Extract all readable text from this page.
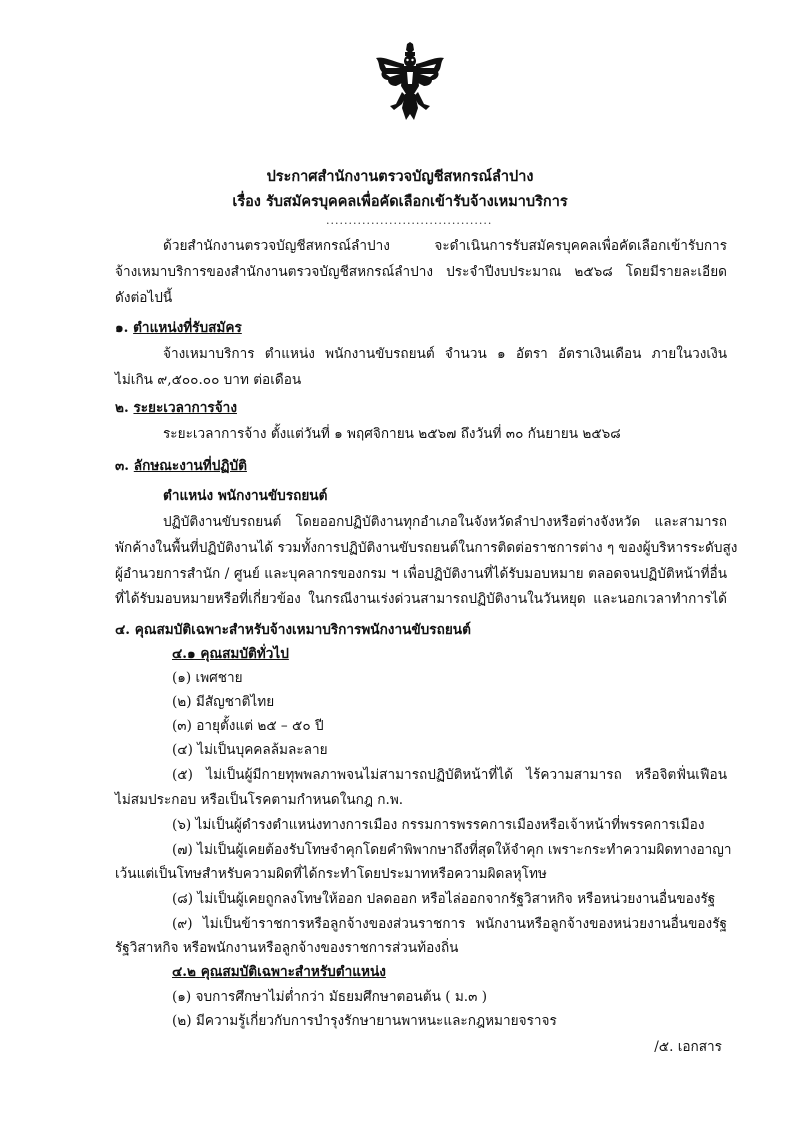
ประกาศสำนักงานตรวจบัญชีสหกรณ์ลำปาง
เรื่อง รับสมัครบุคคลเพื่อคัดเลือกเข้ารับจ้างเหมาบริการ
.....................................
ด้วยสำนักงานตรวจบัญชีสหกรณ์ลำปาง จะดำเนินการรับสมัครบุคคลเพื่อคัดเลือกเข้ารับการ
จ้างเหมาบริการของสำนักงานตรวจบัญชีสหกรณ์ลำปาง ประจำปีงบประมาณ ๒๕๖๘ โดยมีรายละเอียด
ดังต่อไปนี้
๑. ตำแหน่งที่รับสมัคร
จ้างเหมาบริการ ตำแหน่ง พนักงานขับรถยนต์ จำนวน ๑ อัตรา อัตราเงินเดือน ภายในวงเงิน
ไม่เกิน ๙,๕๐๐.๐๐ บาท ต่อเดือน
๒. ระยะเวลาการจ้าง
ระยะเวลาการจ้าง ตั้งแต่วันที่ ๑ พฤศจิกายน ๒๕๖๗ ถึงวันที่ ๓๐ กันยายน ๒๕๖๘
๓. ลักษณะงานที่ปฏิบัติ
ตำแหน่ง พนักงานขับรถยนต์
ปฏิบัติงานขับรถยนต์ โดยออกปฏิบัติงานทุกอำเภอในจังหวัดลำปางหรือต่างจังหวัด และสามารถ
พักค้างในพื้นที่ปฏิบัติงานได้ รวมทั้งการปฏิบัติงานขับรถยนต์ในการติดต่อราชการต่าง ๆ ของผู้บริหารระดับสูง
ผู้อำนวยการสำนัก / ศูนย์ และบุคลากรของกรม ฯ เพื่อปฏิบัติงานที่ได้รับมอบหมาย ตลอดจนปฏิบัติหน้าที่อื่น
ที่ได้รับมอบหมายหรือที่เกี่ยวข้อง ในกรณีงานเร่งด่วนสามารถปฏิบัติงานในวันหยุด และนอกเวลาทำการได้
๔. คุณสมบัติเฉพาะสำหรับจ้างเหมาบริการพนักงานขับรถยนต์
๔.๑ คุณสมบัติทั่วไป
(๑) เพศชาย
(๒) มีสัญชาติไทย
(๓) อายุตั้งแต่ ๒๕ – ๕๐ ปี
(๔) ไม่เป็นบุคคลล้มละลาย
(๕) ไม่เป็นผู้มีกายทุพพลภาพจนไม่สามารถปฏิบัติหน้าที่ได้ ไร้ความสามารถ หรือจิตฟั่นเฟือน
ไม่สมประกอบ หรือเป็นโรคตามกำหนดในกฎ ก.พ.
(๖) ไม่เป็นผู้ดำรงตำแหน่งทางการเมือง กรรมการพรรคการเมืองหรือเจ้าหน้าที่พรรคการเมือง
(๗) ไม่เป็นผู้เคยต้องรับโทษจำคุกโดยคำพิพากษาถึงที่สุดให้จำคุก เพราะกระทำความผิดทางอาญา
เว้นแต่เป็นโทษสำหรับความผิดที่ได้กระทำโดยประมาทหรือความผิดลหุโทษ
(๘) ไม่เป็นผู้เคยถูกลงโทษให้ออก ปลดออก หรือไล่ออกจากรัฐวิสาหกิจ หรือหน่วยงานอื่นของรัฐ
(๙) ไม่เป็นข้าราชการหรือลูกจ้างของส่วนราชการ พนักงานหรือลูกจ้างของหน่วยงานอื่นของรัฐ
รัฐวิสาหกิจ หรือพนักงานหรือลูกจ้างของราชการส่วนท้องถิ่น
๔.๒ คุณสมบัติเฉพาะสำหรับตำแหน่ง
(๑) จบการศึกษาไม่ต่ำกว่า มัธยมศึกษาตอนต้น ( ม.๓ )
(๒) มีความรู้เกี่ยวกับการบำรุงรักษายานพาหนะและกฎหมายจราจร
/๕. เอกสาร
